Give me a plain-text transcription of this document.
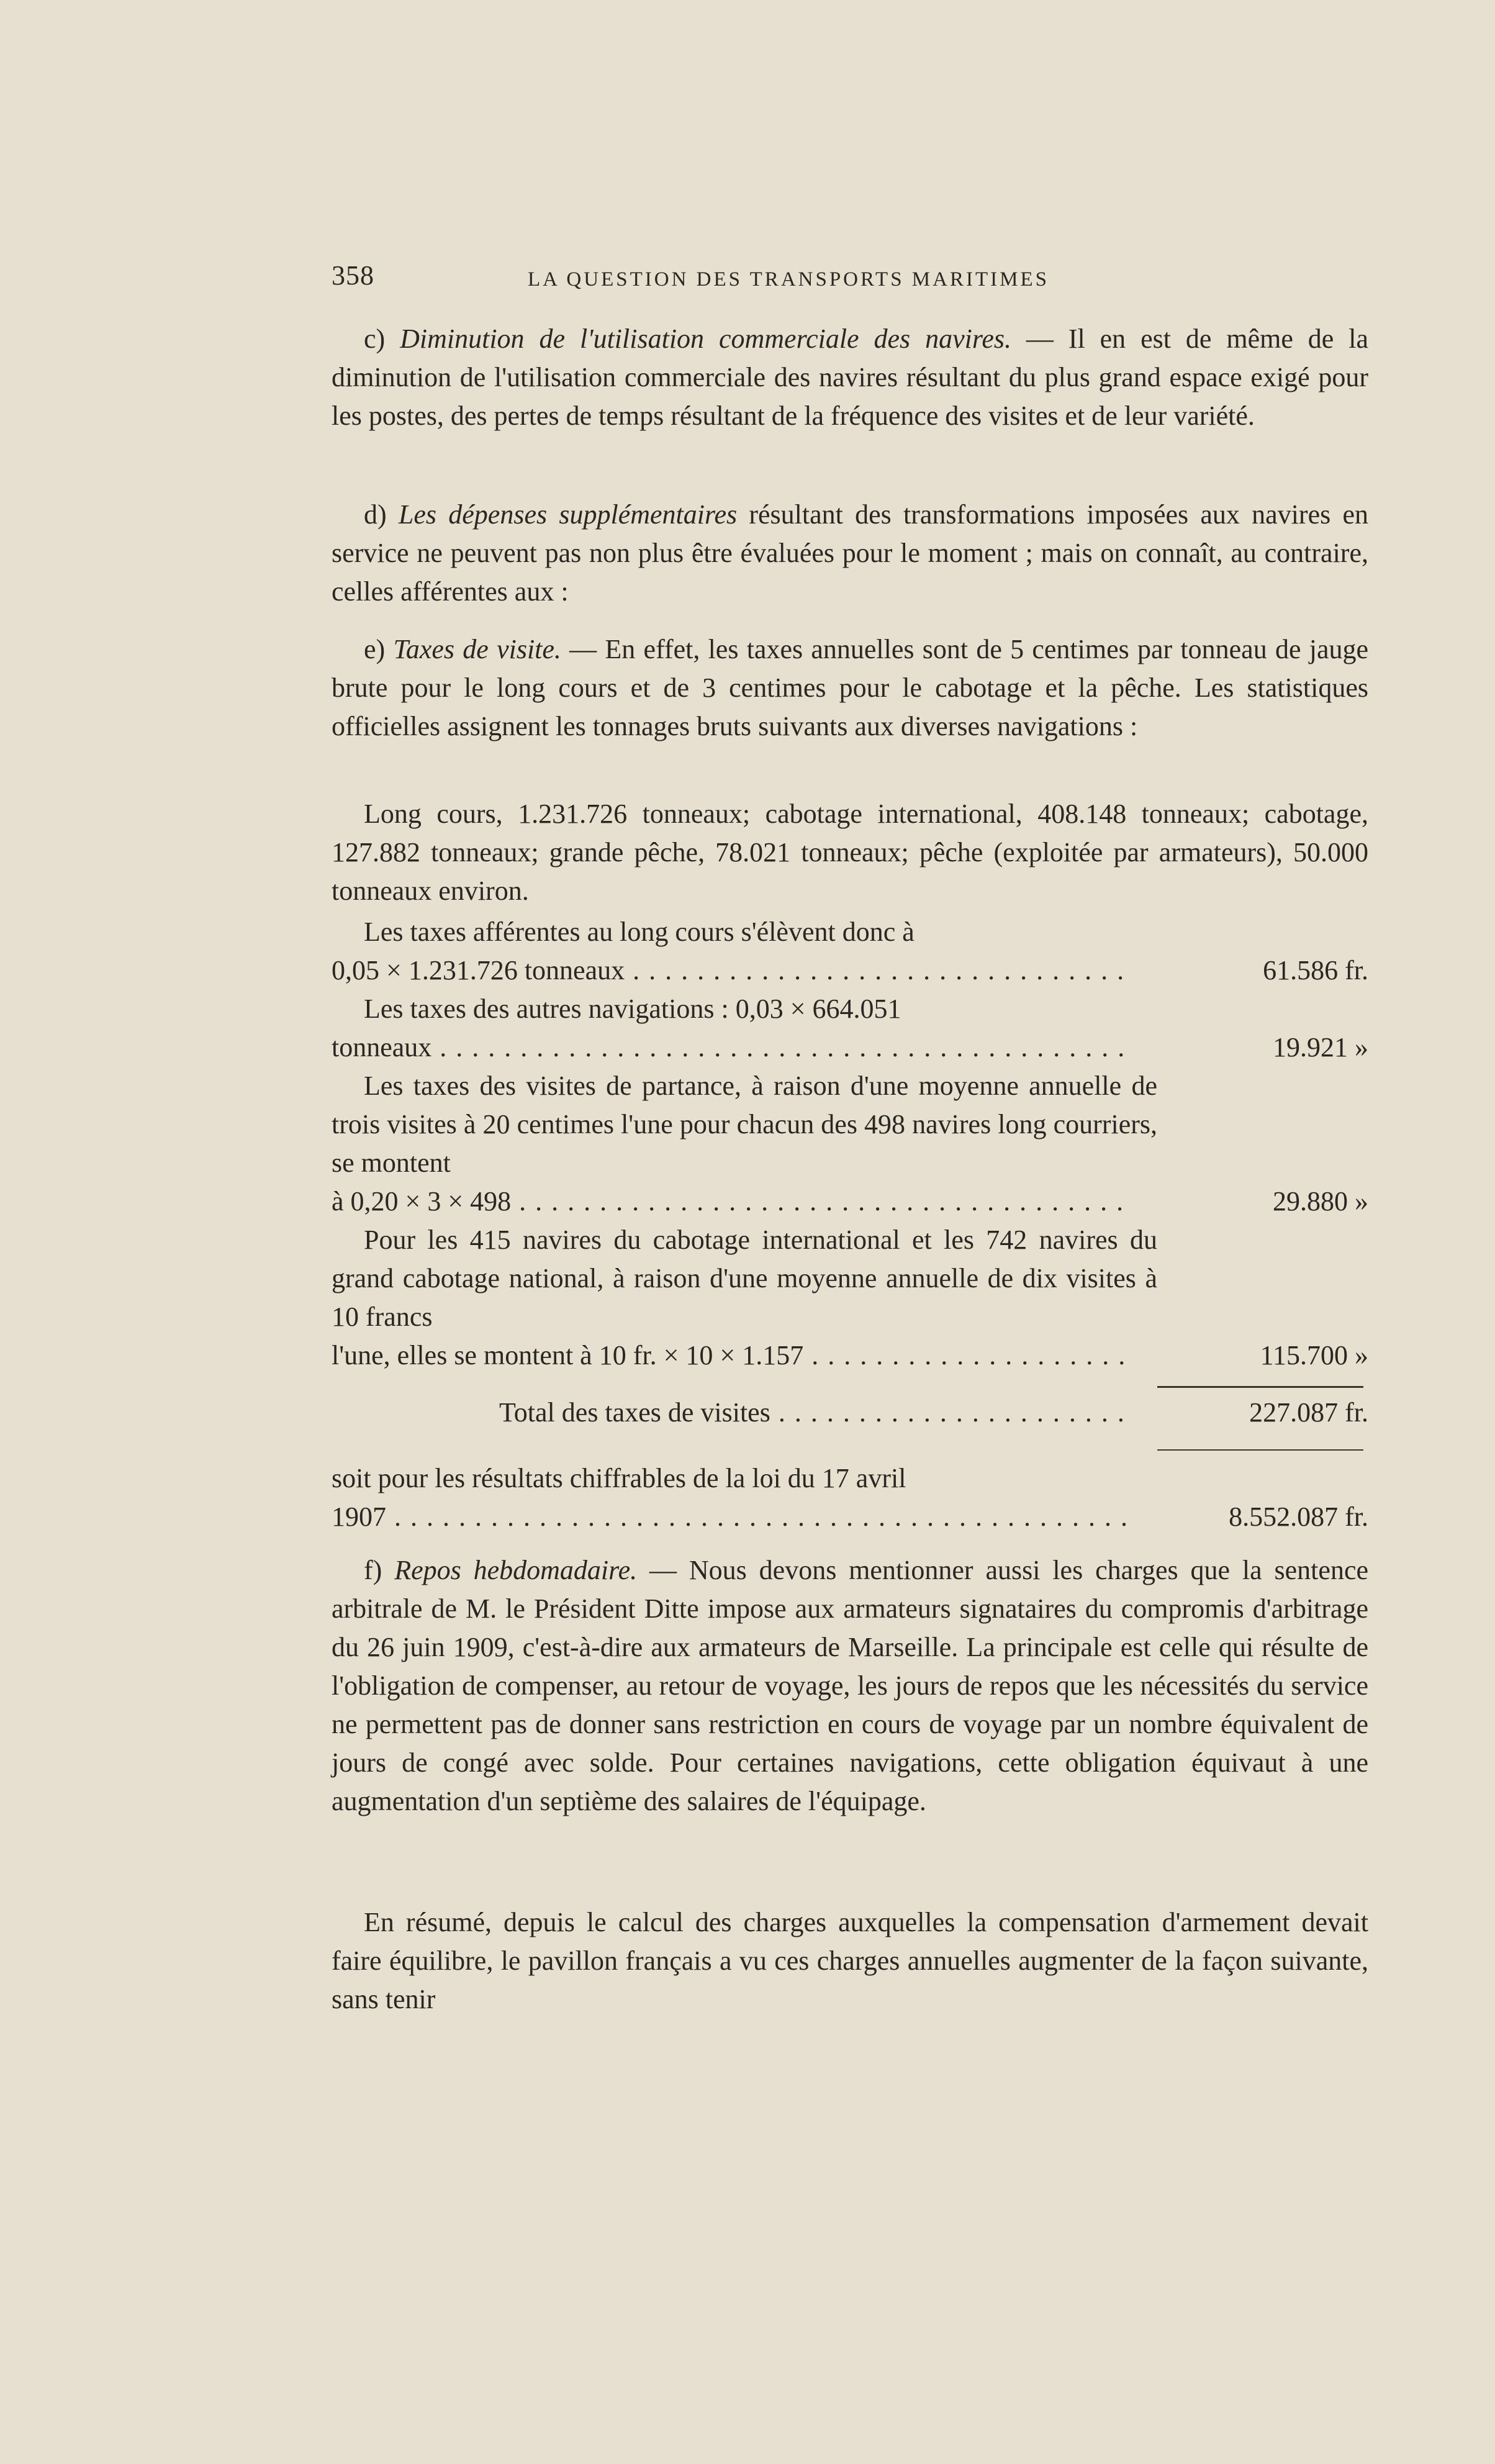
358	LA QUESTION DES TRANSPORTS MARITIMES

c) Diminution de l'utilisation commerciale des navires. — Il en est de même de la diminution de l'utilisation commerciale des navires résultant du plus grand espace exigé pour les postes, des pertes de temps résultant de la fréquence des visites et de leur variété.

d) Les dépenses supplémentaires résultant des transformations imposées aux navires en service ne peuvent pas non plus être évaluées pour le moment ; mais on connaît, au contraire, celles afférentes aux :

e) Taxes de visite. — En effet, les taxes annuelles sont de 5 centimes par tonneau de jauge brute pour le long cours et de 3 centimes pour le cabotage et la pêche. Les statistiques officielles assignent les tonnages bruts suivants aux diverses navigations :

Long cours, 1.231.726 tonneaux; cabotage international, 408.148 tonneaux; cabotage, 127.882 tonneaux; grande pêche, 78.021 tonneaux; pêche (exploitée par armateurs), 50.000 tonneaux environ.

Les taxes afférentes au long cours s'élèvent donc à
0,05 × 1.231.726 tonneaux . . .	61.586 fr.
Les taxes des autres navigations : 0,03 × 664.051
tonneaux . . .	19.921 »
Les taxes des visites de partance, à raison d'une moyenne annuelle de trois visites à 20 centimes l'une pour chacun des 498 navires long courriers, se montent
à 0,20 × 3 × 498 . . .	29.880 »
Pour les 415 navires du cabotage international et les 742 navires du grand cabotage national, à raison d'une moyenne annuelle de dix visites à 10 francs
l'une, elles se montent à 10 fr. × 10 × 1.157 . . .	115.700 »
Total des taxes de visites . . .	227.087 fr.
soit pour les résultats chiffrables de la loi du 17 avril
1907 . . .	8.552.087 fr.

f) Repos hebdomadaire. — Nous devons mentionner aussi les charges que la sentence arbitrale de M. le Président Ditte impose aux armateurs signataires du compromis d'arbitrage du 26 juin 1909, c'est-à-dire aux armateurs de Marseille. La principale est celle qui résulte de l'obligation de compenser, au retour de voyage, les jours de repos que les nécessités du service ne permettent pas de donner sans restriction en cours de voyage par un nombre équivalent de jours de congé avec solde. Pour certaines navigations, cette obligation équivaut à une augmentation d'un septième des salaires de l'équipage.

En résumé, depuis le calcul des charges auxquelles la compensation d'armement devait faire équilibre, le pavillon français a vu ces charges annuelles augmenter de la façon suivante, sans tenir
